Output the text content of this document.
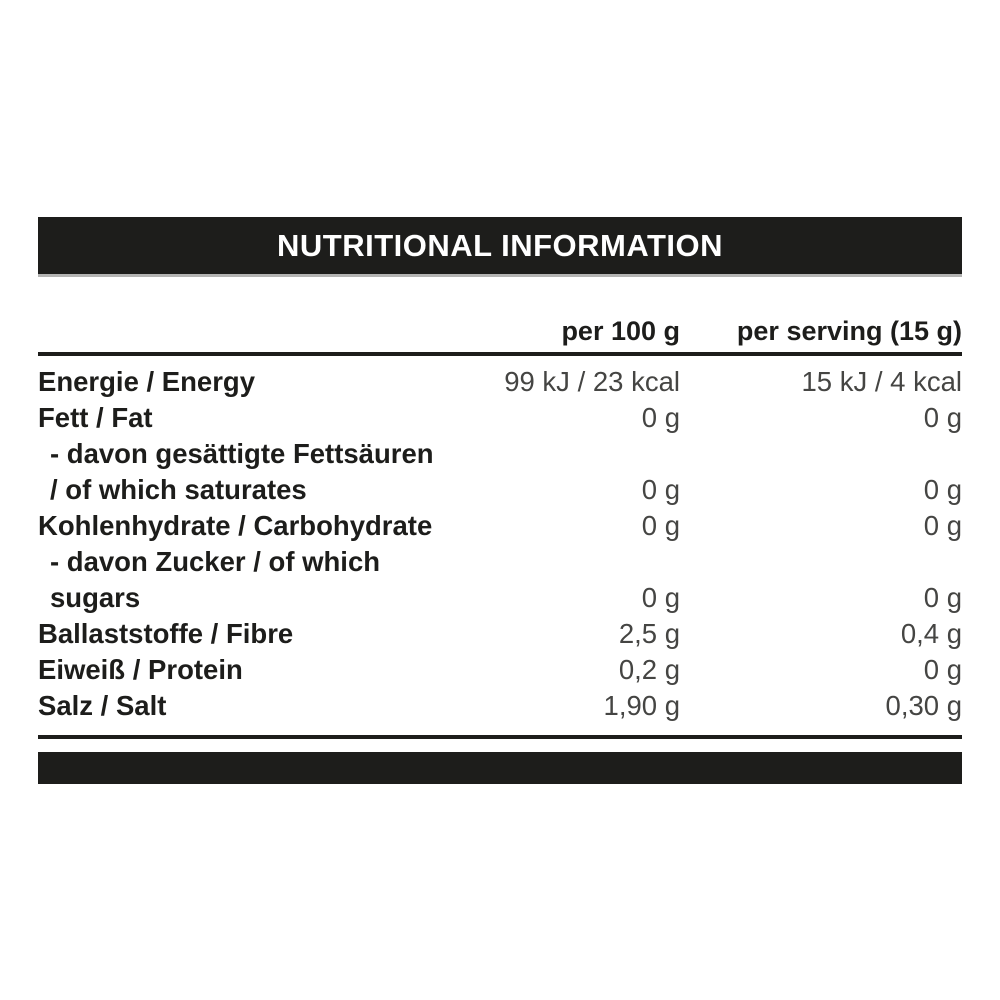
NUTRITIONAL INFORMATION
per 100 g	per serving (15 g)
Energie / Energy	99 kJ / 23 kcal	15 kJ / 4 kcal
Fett / Fat	0 g	0 g
- davon gesättigte Fettsäuren
/ of which saturates	0 g	0 g
Kohlenhydrate / Carbohydrate	0 g	0 g
- davon Zucker / of which
sugars	0 g	0 g
Ballaststoffe / Fibre	2,5 g	0,4 g
Eiweiß / Protein	0,2 g	0 g
Salz / Salt	1,90 g	0,30 g
